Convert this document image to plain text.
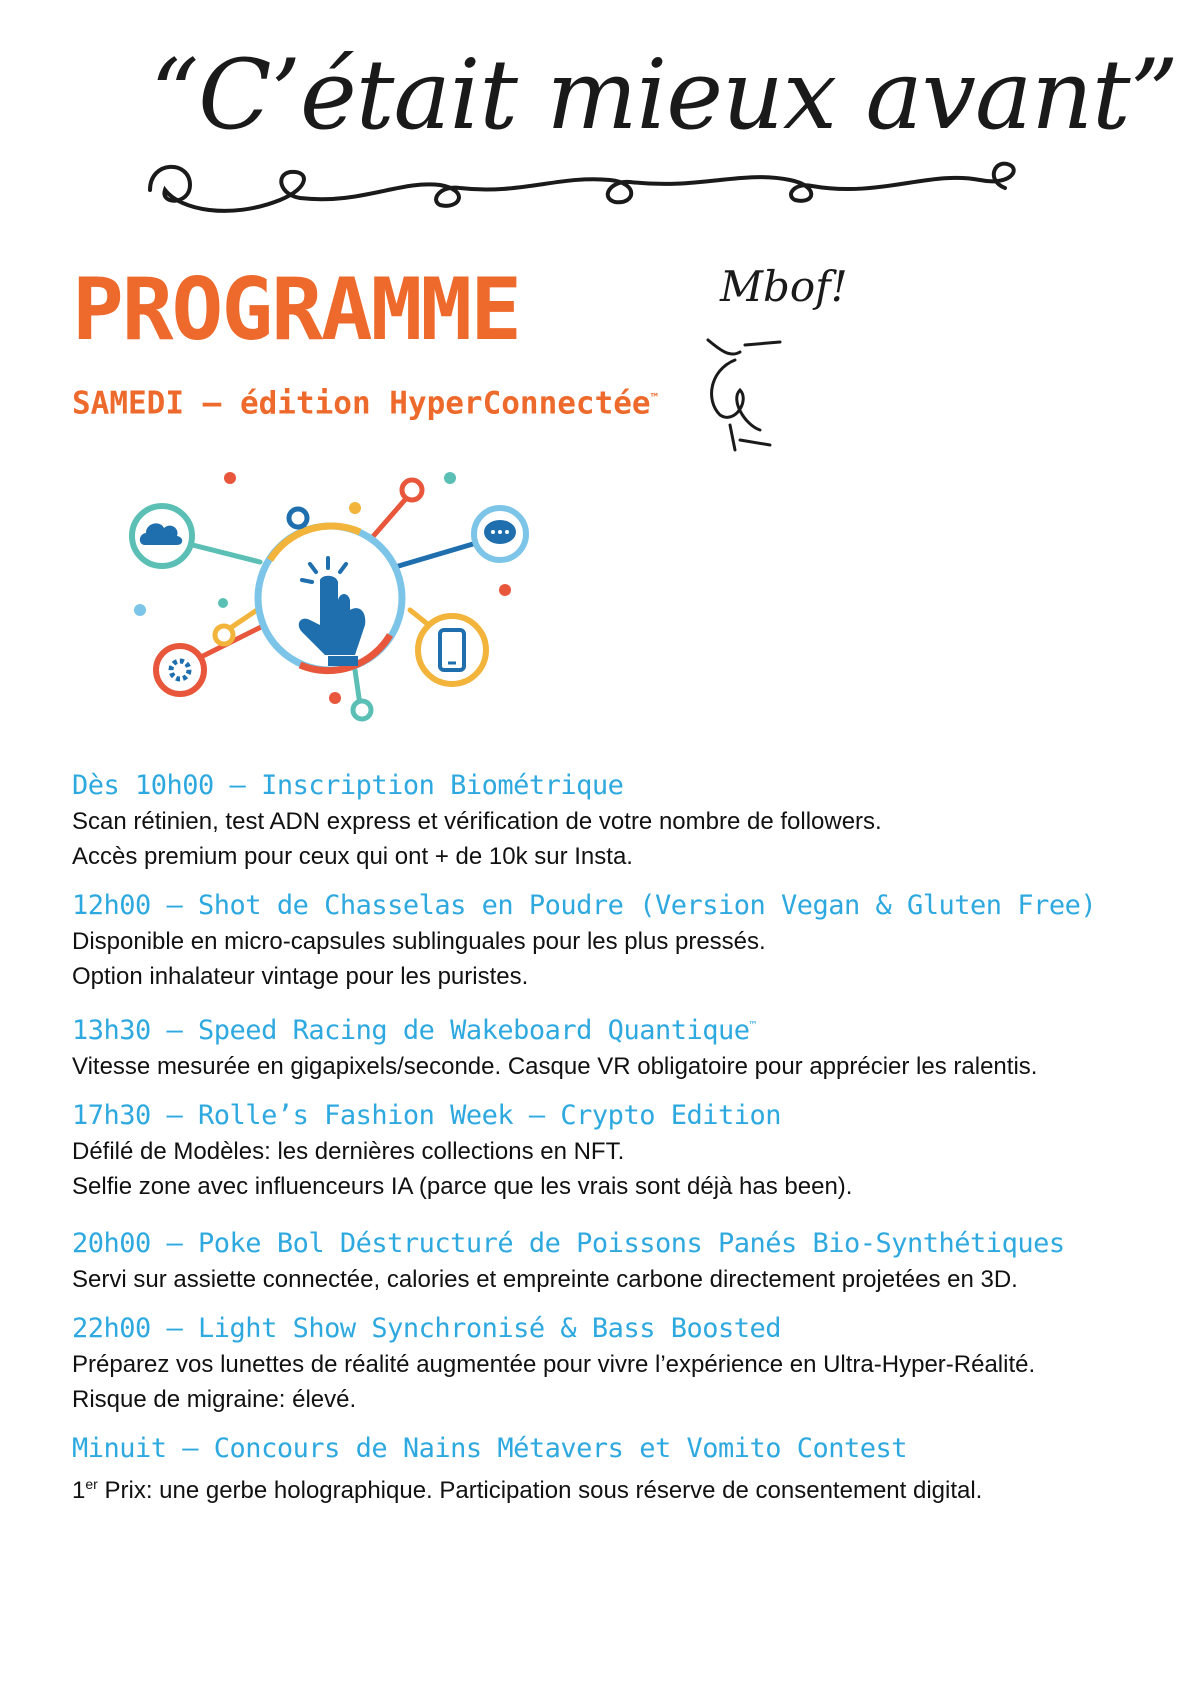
“C’était mieux avant”
PROGRAMME
SAMEDI – édition HyperConnectée™
Mbof!
Dès 10h00 – Inscription Biométrique
Scan rétinien, test ADN express et vérification de votre nombre de followers.
Accès premium pour ceux qui ont + de 10k sur Insta.
12h00 – Shot de Chasselas en Poudre (Version Vegan & Gluten Free)
Disponible en micro-capsules sublinguales pour les plus pressés.
Option inhalateur vintage pour les puristes.
13h30 – Speed Racing de Wakeboard Quantique™
Vitesse mesurée en gigapixels/seconde. Casque VR obligatoire pour apprécier les ralentis.
17h30 – Rolle’s Fashion Week – Crypto Edition
Défilé de Modèles: les dernières collections en NFT.
Selfie zone avec influenceurs IA (parce que les vrais sont déjà has been).
20h00 – Poke Bol Déstructuré de Poissons Panés Bio-Synthétiques
Servi sur assiette connectée, calories et empreinte carbone directement projetées en 3D.
22h00 – Light Show Synchronisé & Bass Boosted
Préparez vos lunettes de réalité augmentée pour vivre l’expérience en Ultra-Hyper-Réalité.
Risque de migraine: élevé.
Minuit – Concours de Nains Métavers et Vomito Contest
1er Prix: une gerbe holographique. Participation sous réserve de consentement digital.
